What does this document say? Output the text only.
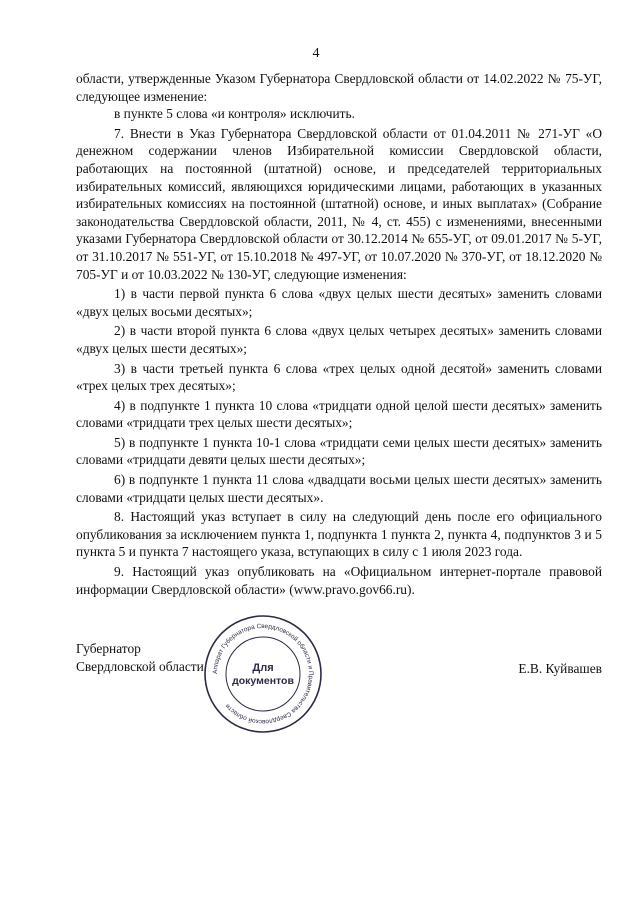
4

области, утвержденные Указом Губернатора Свердловской области от 14.02.2022 № 75-УГ, следующее изменение:

в пункте 5 слова «и контроля» исключить.

7. Внести в Указ Губернатора Свердловской области от 01.04.2011 № 271-УГ «О денежном содержании членов Избирательной комиссии Свердловской области, работающих на постоянной (штатной) основе, и председателей территориальных избирательных комиссий, являющихся юридическими лицами, работающих в указанных избирательных комиссиях на постоянной (штатной) основе, и иных выплатах» (Собрание законодательства Свердловской области, 2011, № 4, ст. 455) с изменениями, внесенными указами Губернатора Свердловской области от 30.12.2014 № 655-УГ, от 09.01.2017 № 5-УГ, от 31.10.2017 № 551-УГ, от 15.10.2018 № 497-УГ, от 10.07.2020 № 370-УГ, от 18.12.2020 № 705-УГ и от 10.03.2022 № 130-УГ, следующие изменения:

1) в части первой пункта 6 слова «двух целых шести десятых» заменить словами «двух целых восьми десятых»;

2) в части второй пункта 6 слова «двух целых четырех десятых» заменить словами «двух целых шести десятых»;

3) в части третьей пункта 6 слова «трех целых одной десятой» заменить словами «трех целых трех десятых»;

4) в подпункте 1 пункта 10 слова «тридцати одной целой шести десятых» заменить словами «тридцати трех целых шести десятых»;

5) в подпункте 1 пункта 10-1 слова «тридцати семи целых шести десятых» заменить словами «тридцати девяти целых шести десятых»;

6) в подпункте 1 пункта 11 слова «двадцати восьми целых шести десятых» заменить словами «тридцати целых шести десятых».

8. Настоящий указ вступает в силу на следующий день после его официального опубликования за исключением пункта 1, подпункта 1 пункта 2, пункта 4, подпунктов 3 и 5 пункта 5 и пункта 7 настоящего указа, вступающих в силу с 1 июля 2023 года.

9. Настоящий указ опубликовать на «Официальном интернет-портале правовой информации Свердловской области» (www.pravo.gov66.ru).

Губернатор
Свердловской области	Е.В. Куйвашев
Аппарат Губернатора Свердловской области и Правительства Свердловской области
Для
документов
